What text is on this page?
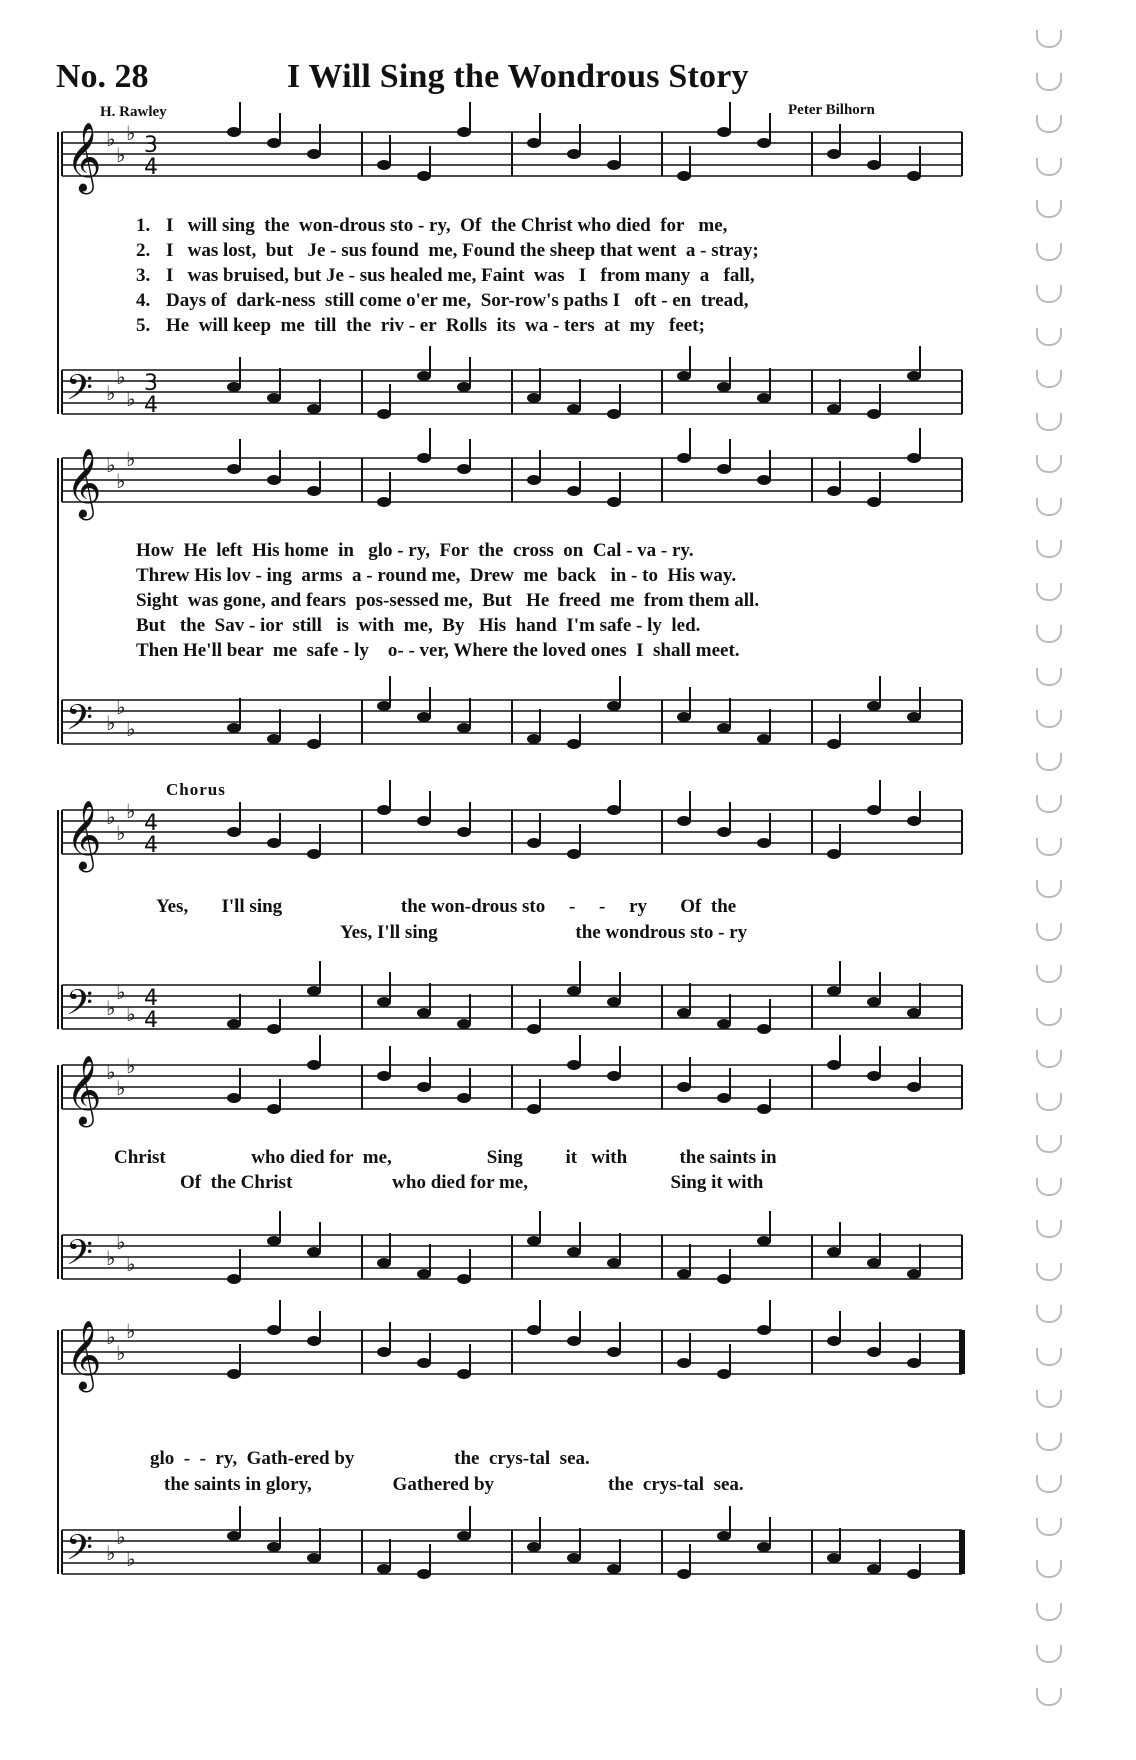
No. 28	I Will Sing the Wondrous Story
H. Rawley	Peter Bilhorn
𝄞 ♭
♭
♭ 3
4
𝄢 ♭
♭
♭
3
4
𝄞 ♭
♭
♭
𝄢 ♭
♭
♭
𝄞 ♭
♭
♭ 4
4
𝄢 ♭
♭
♭
4
4
𝄞 ♭
♭
♭
𝄢 ♭
♭
♭
𝄞 ♭
♭
♭
𝄢 ♭
♭
♭

1. I   will sing  the  won-drous sto - ry,  Of  the Christ who died  for   me,

2. I   was lost,  but   Je - sus found  me, Found the sheep that went  a - stray;

3. I   was bruised, but Je - sus healed me, Faint  was   I   from many  a   fall,

4. Days of  dark-ness  still come o'er me,  Sor-row's paths I   oft - en  tread,

5. He  will keep  me  till  the  riv - er  Rolls  its  wa - ters  at  my   feet;

How  He  left  His home  in   glo - ry,  For  the  cross  on  Cal - va - ry.

Threw His lov - ing  arms  a - round me,  Drew  me  back   in - to  His way.

Sight  was gone, and fears  pos-sessed me,  But   He  freed  me  from them all.

But   the  Sav - ior  still   is  with  me,  By   His  hand  I'm safe - ly  led.

Then He'll bear  me  safe - ly    o- - ver, Where the loved ones  I  shall meet.

Chorus

Yes,       I'll sing                         the won-drous sto     -     -     ry       Of  the

Yes, I'll sing                             the wondrous sto - ry

Christ                  who died for  me,                    Sing         it   with           the saints in

Of  the Christ                     who died for me,                              Sing it with

glo  -  -  ry,  Gath-ered by                     the  crys-tal  sea.

the saints in glory,                 Gathered by                        the  crys-tal  sea.
